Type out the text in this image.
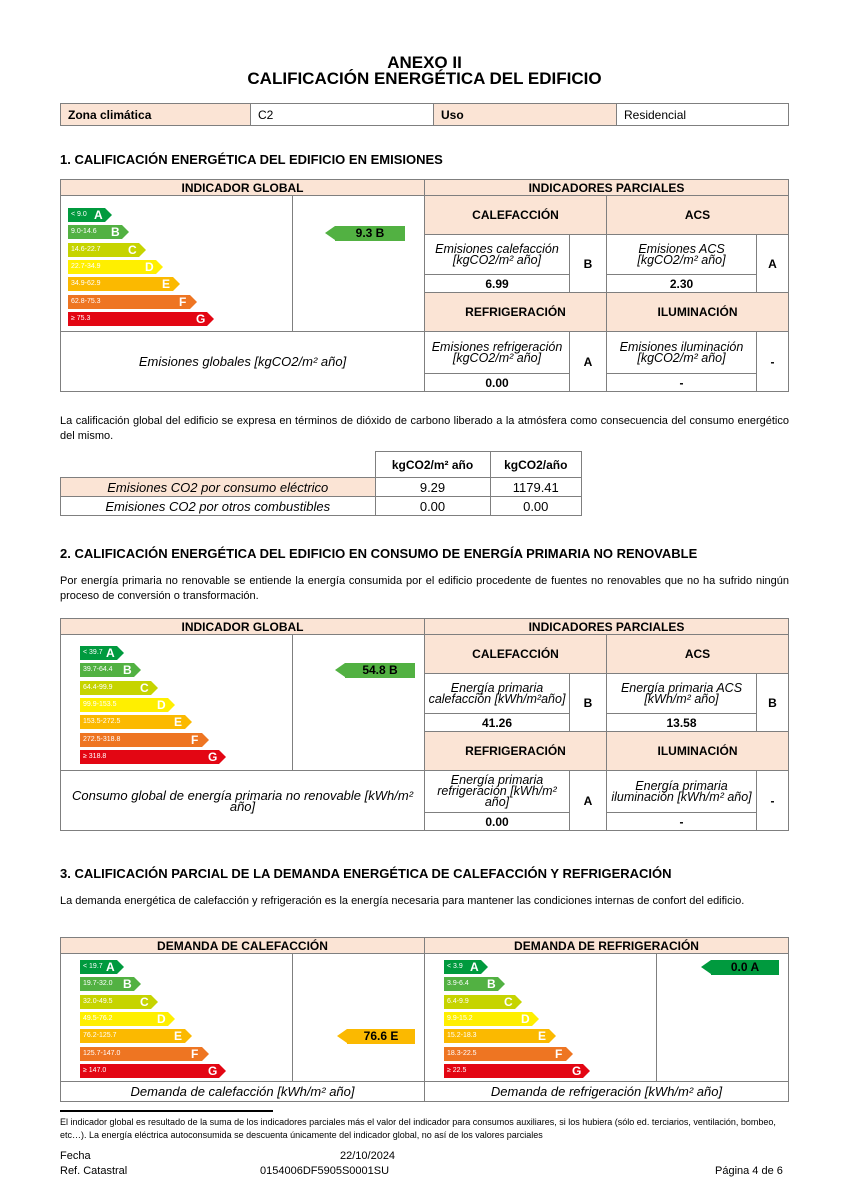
ANEXO II
CALIFICACIÓN ENERGÉTICA DEL EDIFICIO
Zona climática	C2	Uso	Residencial
1. CALIFICACIÓN ENERGÉTICA DEL EDIFICIO EN EMISIONES
INDICADOR GLOBAL		INDICADORES PARCIALES			
		CALEFACCIÓN		ACS	
		Emisiones calefacción [kgCO2/m² año]	B	Emisiones ACS [kgCO2/m² año]	A
		6.99		2.30	
		REFRIGERACIÓN		ILUMINACIÓN	
Emisiones globales [kgCO2/m² año]		Emisiones refrigeración [kgCO2/m² año]	A	Emisiones iluminación [kgCO2/m² año]	-
		0.00		-	
< 9.0 A
9.0-14.6 B
14.6-22.7 C
22.7-34.9	D
34.9-62.9	E
62.8-75.3	F
≥ 75.3	G
9.3 B
La calificación global del edificio se expresa en términos de dióxido de carbono liberado a la atmósfera como consecuencia del consumo energético del mismo.
	kgCO2/m² año	kgCO2/año
Emisiones CO2 por consumo eléctrico	9.29	1179.41
Emisiones CO2 por otros combustibles	0.00	0.00
2. CALIFICACIÓN ENERGÉTICA DEL EDIFICIO EN CONSUMO DE ENERGÍA PRIMARIA NO RENOVABLE
Por energía primaria no renovable se entiende la energía consumida por el edificio procedente de fuentes no renovables que no ha sufrido ningún proceso de conversión o transformación.
INDICADOR GLOBAL		INDICADORES PARCIALES			
		CALEFACCIÓN		ACS	
		Energía primaria calefacción [kWh/m²año]	B	Energía primaria ACS [kWh/m² año]	B
		41.26		13.58	
		REFRIGERACIÓN		ILUMINACIÓN	
Consumo global de energía primaria no renovable [kWh/m² año]		Energía primaria refrigeración [kWh/m² año]	A	Energía primaria iluminación [kWh/m² año]	-
		0.00		-	
< 39.7 A
39.7-64.4 B
64.4-99.9 C
99.9-153.5	D
153.5-272.5	E
272.5-318.8	F
≥ 318.8	G
54.8 B
3. CALIFICACIÓN PARCIAL DE LA DEMANDA ENERGÉTICA DE CALEFACCIÓN Y REFRIGERACIÓN
La demanda energética de calefacción y refrigeración es la energía necesaria para mantener las condiciones internas de confort del edificio.
DEMANDA DE CALEFACCIÓN		DEMANDA DE REFRIGERACIÓN	

Demanda de calefacción [kWh/m² año]		Demanda de refrigeración [kWh/m² año]	
< 19.7 A
19.7-32.0 B
32.0-49.5 C
49.5-76.2	D
76.2-125.7	E
125.7-147.0	F
≥ 147.0	G
76.6 E
< 3.9 A
3.9-6.4 B
6.4-9.9	C
9.9-15.2	D
15.2-18.3	E
18.3-22.5	F
≥ 22.5	G
0.0 A
El indicador global es resultado de la suma de los indicadores parciales más el valor del indicador para consumos auxiliares, si los hubiera (sólo ed. terciarios, ventilación, bombeo, etc…). La energía eléctrica autoconsumida se descuenta únicamente del indicador global, no así de los valores parciales
Fecha	22/10/2024
Ref. Catastral	0154006DF5905S0001SU	Página 4 de 6
